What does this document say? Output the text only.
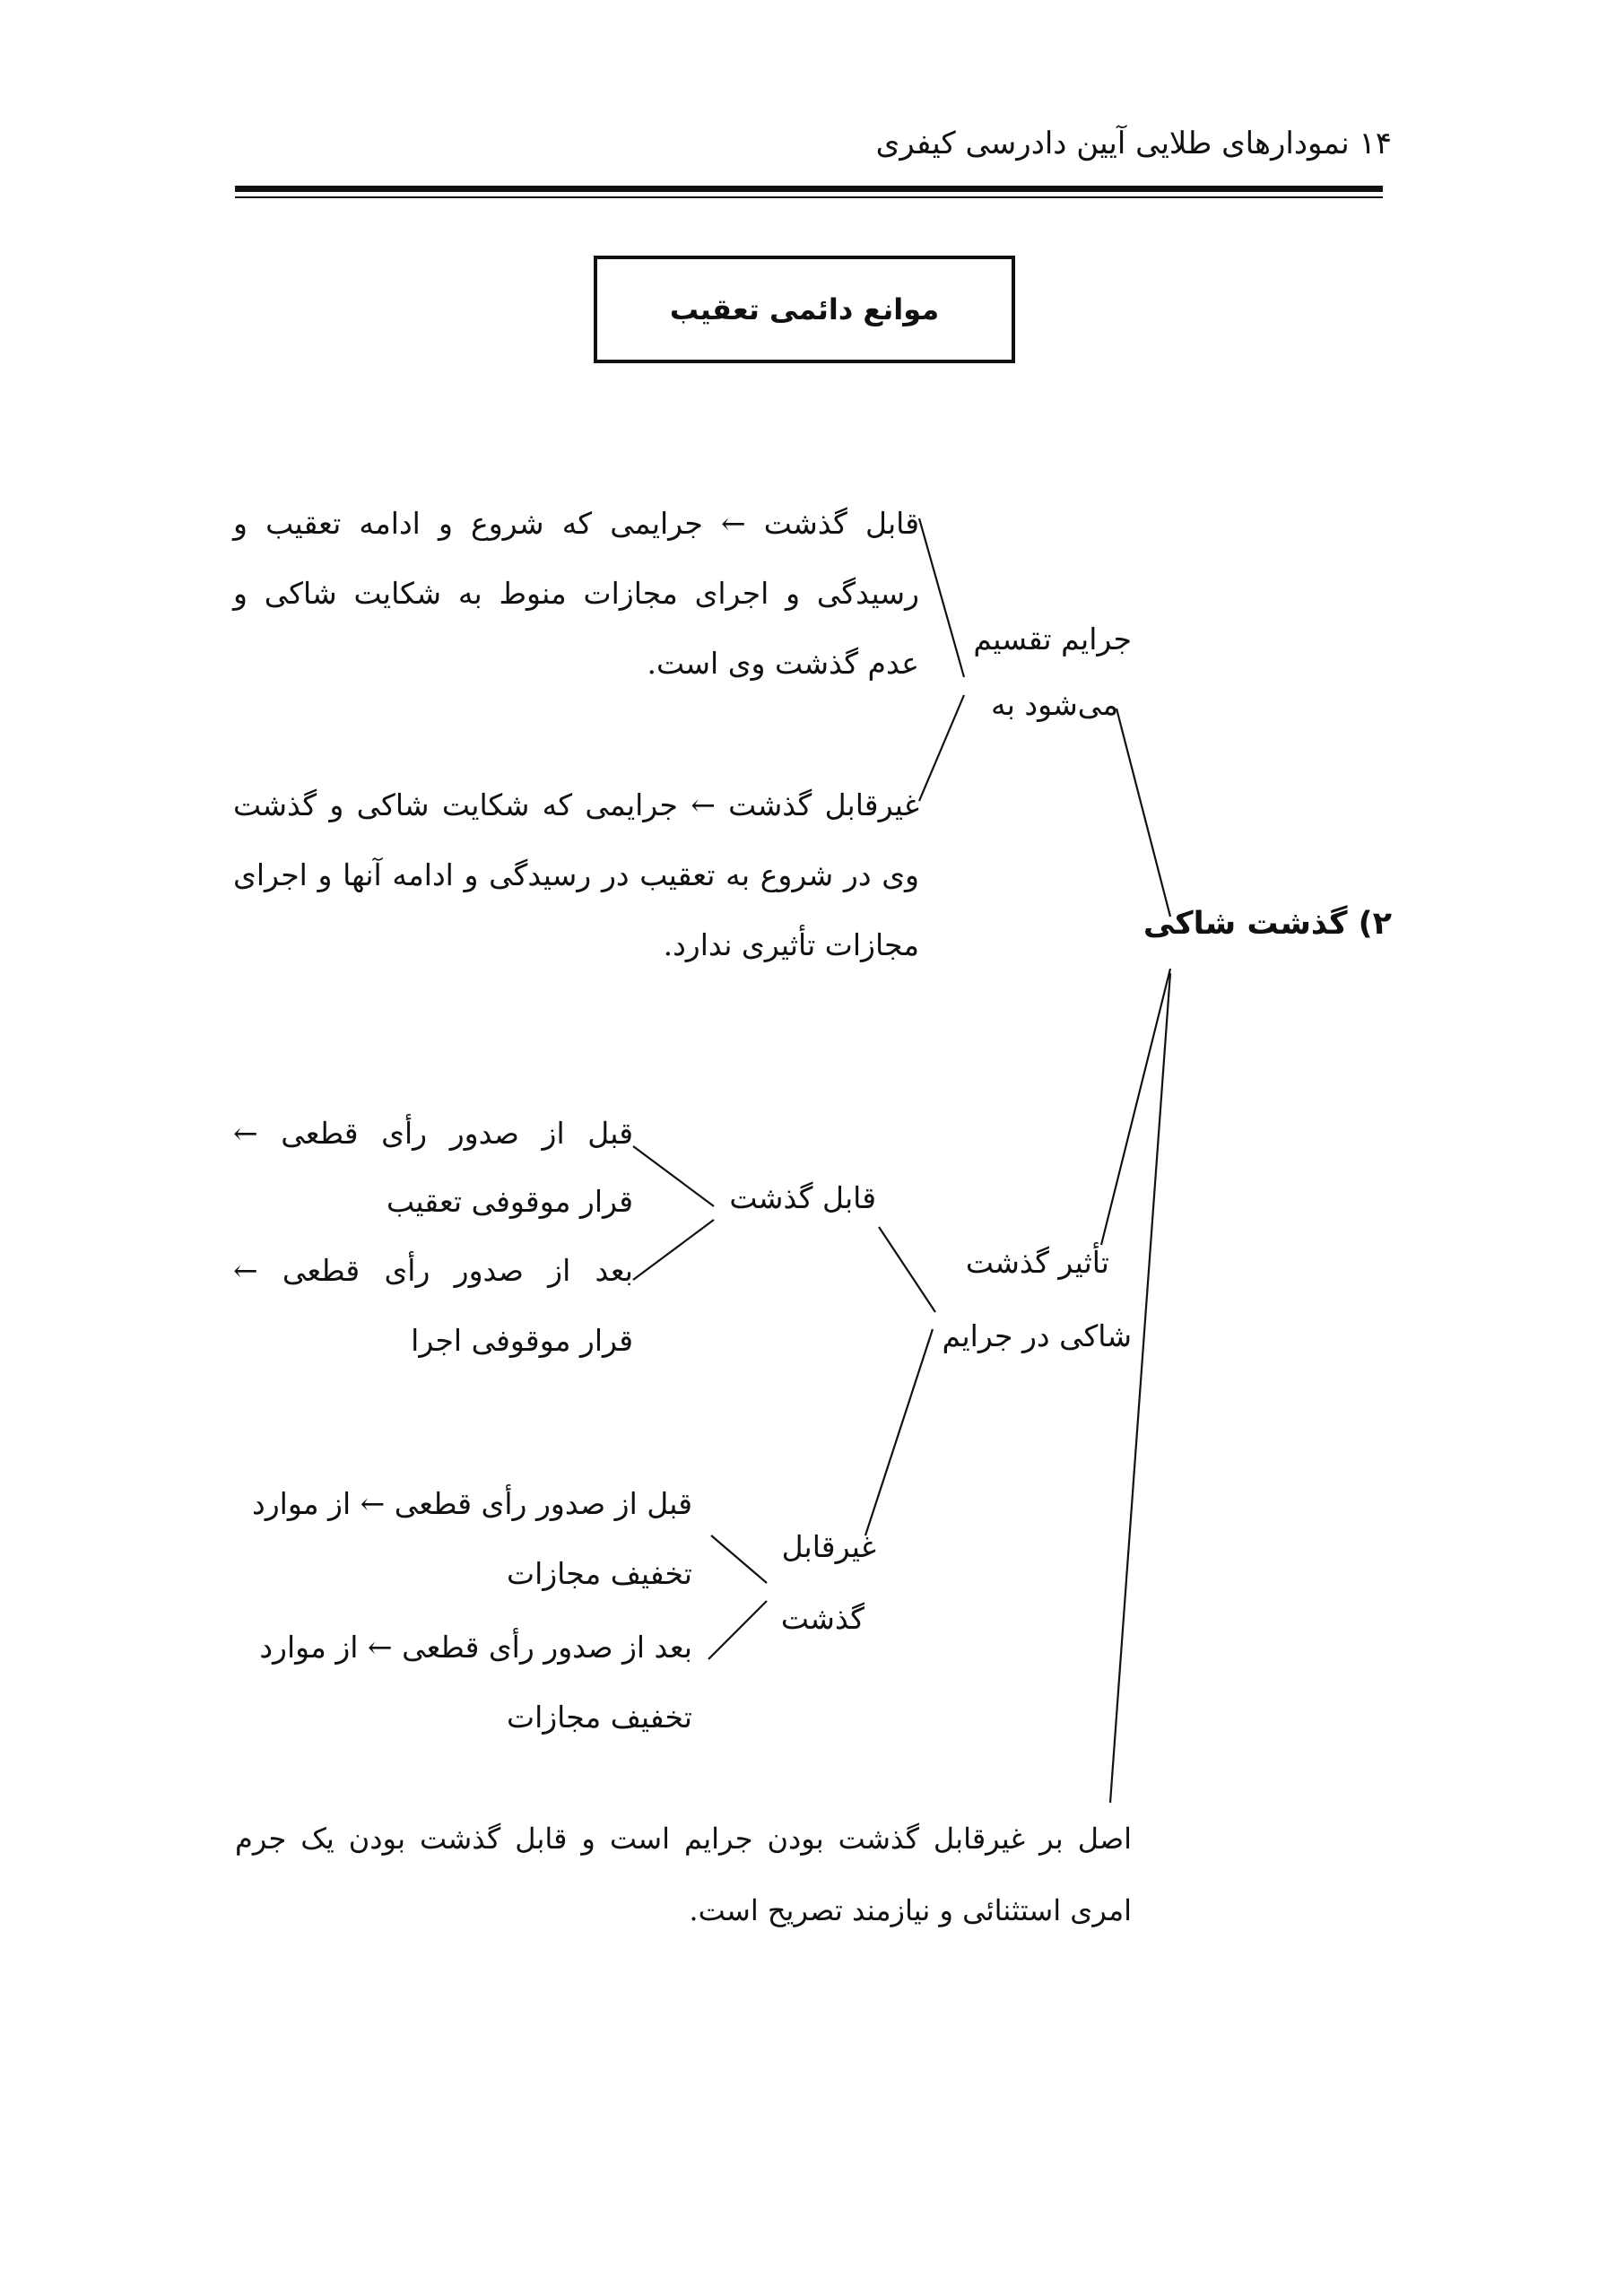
۱۴ نمودارهای طلایی آیین دادرسی کیفری
موانع دائمی تعقیب
۲) گذشت شاکی
جرایم تقسیم
می‌شود به
قابل گذشت ← جرایمی که شروع و ادامه تعقیب و رسیدگی و اجرای مجازات منوط به شکایت شاکی و عدم گذشت وی است.
غیرقابل گذشت ← جرایمی که شکایت شاکی و گذشت وی در شروع به تعقیب در رسیدگی و ادامه آنها و اجرای مجازات تأثیری ندارد.
تأثیر گذشت
شاکی در جرایم
قابل گذشت
قبل از صدور رأی قطعی ←
قرار موقوفی تعقیب
بعد از صدور رأی قطعی ←
قرار موقوفی اجرا
غیرقابل
گذشت
قبل از صدور رأی قطعی ← از موارد
تخفیف مجازات
بعد از صدور رأی قطعی ← از موارد
تخفیف مجازات
اصل بر غیرقابل گذشت بودن جرایم است و قابل گذشت بودن یک جرم امری استثنائی و نیازمند تصریح است.
